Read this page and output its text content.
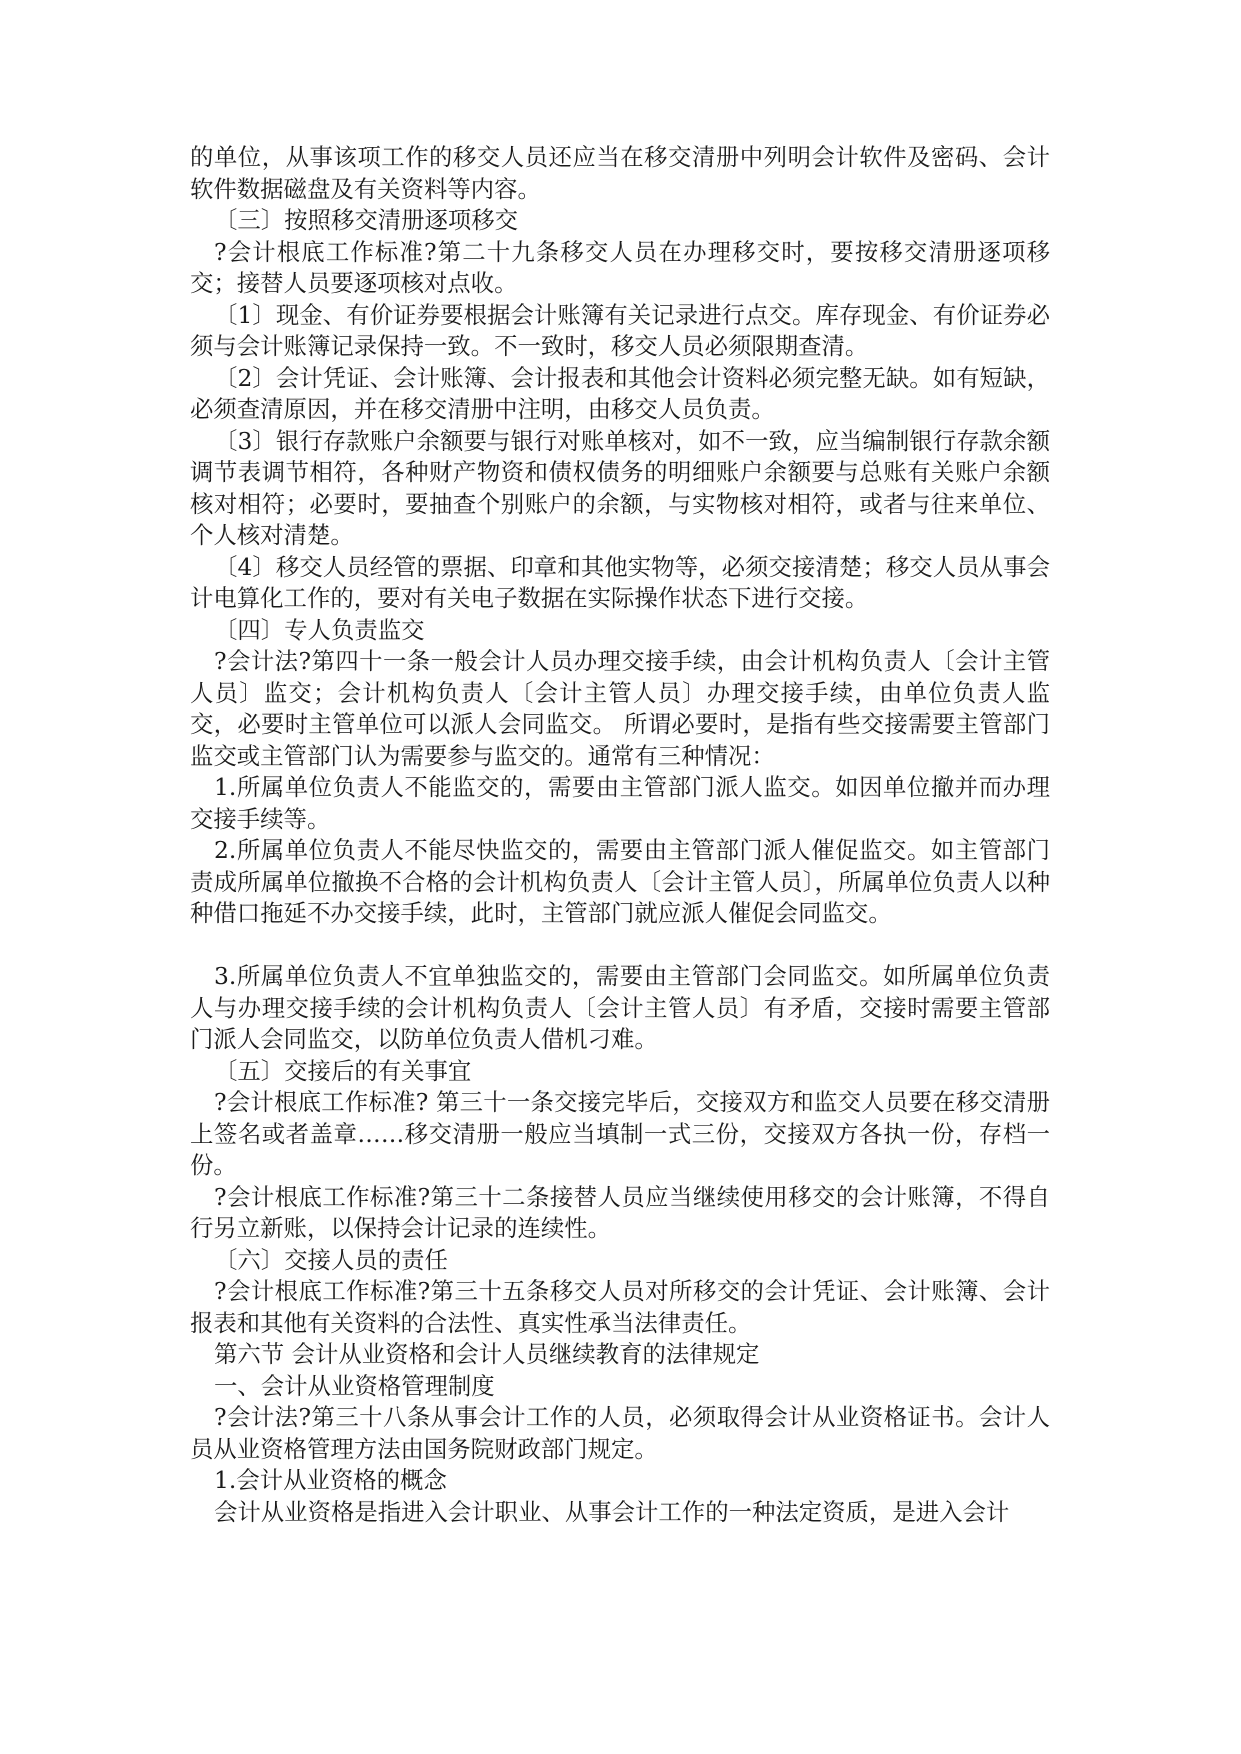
的单位，从事该项工作的移交人员还应当在移交清册中列明会计软件及密码、会计软件数据磁盘及有关资料等内容。

〔三〕按照移交清册逐项移交

?会计根底工作标准?第二十九条移交人员在办理移交时，要按移交清册逐项移交；接替人员要逐项核对点收。

〔1〕现金、有价证券要根据会计账簿有关记录进行点交。库存现金、有价证券必须与会计账簿记录保持一致。不一致时，移交人员必须限期查清。

〔2〕会计凭证、会计账簿、会计报表和其他会计资料必须完整无缺。如有短缺，必须查清原因，并在移交清册中注明，由移交人员负责。

〔3〕银行存款账户余额要与银行对账单核对，如不一致，应当编制银行存款余额调节表调节相符，各种财产物资和债权债务的明细账户余额要与总账有关账户余额核对相符；必要时，要抽查个别账户的余额，与实物核对相符，或者与往来单位、个人核对清楚。

〔4〕移交人员经管的票据、印章和其他实物等，必须交接清楚；移交人员从事会计电算化工作的，要对有关电子数据在实际操作状态下进行交接。

〔四〕专人负责监交

?会计法?第四十一条一般会计人员办理交接手续，由会计机构负责人〔会计主管人员〕监交；会计机构负责人〔会计主管人员〕办理交接手续，由单位负责人监交，必要时主管单位可以派人会同监交。 所谓必要时，是指有些交接需要主管部门监交或主管部门认为需要参与监交的。通常有三种情况：

1.所属单位负责人不能监交的，需要由主管部门派人监交。如因单位撤并而办理交接手续等。

2.所属单位负责人不能尽快监交的，需要由主管部门派人催促监交。如主管部门责成所属单位撤换不合格的会计机构负责人〔会计主管人员〕，所属单位负责人以种种借口拖延不办交接手续，此时，主管部门就应派人催促会同监交。

3.所属单位负责人不宜单独监交的，需要由主管部门会同监交。如所属单位负责人与办理交接手续的会计机构负责人〔会计主管人员〕有矛盾，交接时需要主管部门派人会同监交，以防单位负责人借机刁难。

〔五〕交接后的有关事宜

?会计根底工作标准? 第三十一条交接完毕后，交接双方和监交人员要在移交清册上签名或者盖章……移交清册一般应当填制一式三份，交接双方各执一份，存档一份。

?会计根底工作标准?第三十二条接替人员应当继续使用移交的会计账簿，不得自行另立新账，以保持会计记录的连续性。

〔六〕交接人员的责任

?会计根底工作标准?第三十五条移交人员对所移交的会计凭证、会计账簿、会计报表和其他有关资料的合法性、真实性承当法律责任。

第六节 会计从业资格和会计人员继续教育的法律规定

一、会计从业资格管理制度

?会计法?第三十八条从事会计工作的人员，必须取得会计从业资格证书。会计人员从业资格管理方法由国务院财政部门规定。

1.会计从业资格的概念

会计从业资格是指进入会计职业、从事会计工作的一种法定资质，是进入会计
